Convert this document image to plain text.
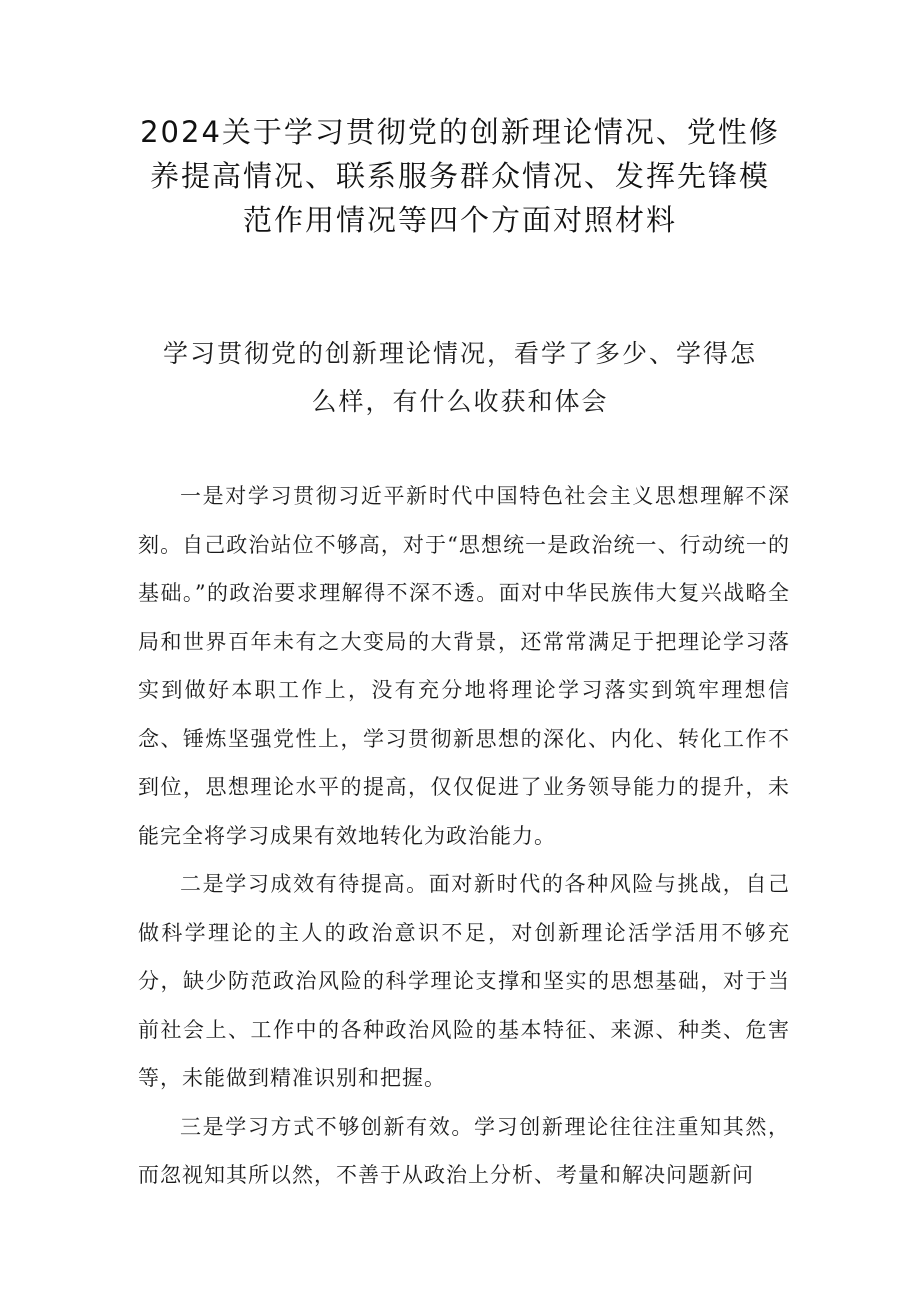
2024关于学习贯彻党的创新理论情况、党性修养提高情况、联系服务群众情况、发挥先锋模范作用情况等四个方面对照材料
学习贯彻党的创新理论情况，看学了多少、学得怎么样，有什么收获和体会

一是对学习贯彻习近平新时代中国特色社会主义思想理解不深刻。自己政治站位不够高，对于“思想统一是政治统一、行动统一的基础。”的政治要求理解得不深不透。面对中华民族伟大复兴战略全局和世界百年未有之大变局的大背景，还常常满足于把理论学习落实到做好本职工作上，没有充分地将理论学习落实到筑牢理想信念、锤炼坚强党性上，学习贯彻新思想的深化、内化、转化工作不到位，思想理论水平的提高，仅仅促进了业务领导能力的提升，未能完全将学习成果有效地转化为政治能力。

二是学习成效有待提高。面对新时代的各种风险与挑战，自己做科学理论的主人的政治意识不足，对创新理论活学活用不够充分，缺少防范政治风险的科学理论支撑和坚实的思想基础，对于当前社会上、工作中的各种政治风险的基本特征、来源、种类、危害等，未能做到精准识别和把握。

三是学习方式不够创新有效。学习创新理论往往注重知其然，而忽视知其所以然，不善于从政治上分析、考量和解决问题新问
